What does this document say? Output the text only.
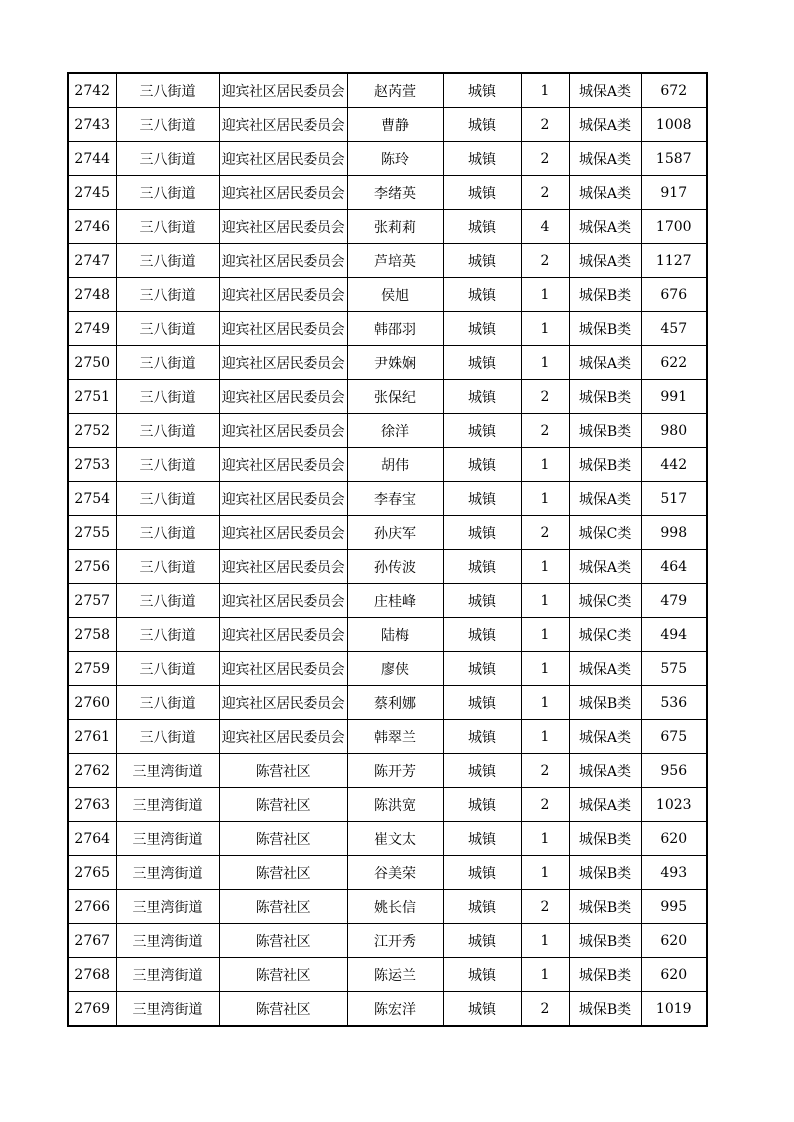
2742	三八街道	迎宾社区居民委员会	赵芮萱	城镇	1	城保A类	672
2743	三八街道	迎宾社区居民委员会	曹静	城镇	2	城保A类	1008
2744	三八街道	迎宾社区居民委员会	陈玲	城镇	2	城保A类	1587
2745	三八街道	迎宾社区居民委员会	李绪英	城镇	2	城保A类	917
2746	三八街道	迎宾社区居民委员会	张莉莉	城镇	4	城保A类	1700
2747	三八街道	迎宾社区居民委员会	芦培英	城镇	2	城保A类	1127
2748	三八街道	迎宾社区居民委员会	侯旭	城镇	1	城保B类	676
2749	三八街道	迎宾社区居民委员会	韩邵羽	城镇	1	城保B类	457
2750	三八街道	迎宾社区居民委员会	尹姝娴	城镇	1	城保A类	622
2751	三八街道	迎宾社区居民委员会	张保纪	城镇	2	城保B类	991
2752	三八街道	迎宾社区居民委员会	徐洋	城镇	2	城保B类	980
2753	三八街道	迎宾社区居民委员会	胡伟	城镇	1	城保B类	442
2754	三八街道	迎宾社区居民委员会	李春宝	城镇	1	城保A类	517
2755	三八街道	迎宾社区居民委员会	孙庆军	城镇	2	城保C类	998
2756	三八街道	迎宾社区居民委员会	孙传波	城镇	1	城保A类	464
2757	三八街道	迎宾社区居民委员会	庄桂峰	城镇	1	城保C类	479
2758	三八街道	迎宾社区居民委员会	陆梅	城镇	1	城保C类	494
2759	三八街道	迎宾社区居民委员会	廖侠	城镇	1	城保A类	575
2760	三八街道	迎宾社区居民委员会	蔡利娜	城镇	1	城保B类	536
2761	三八街道	迎宾社区居民委员会	韩翠兰	城镇	1	城保A类	675
2762	三里湾街道	陈营社区	陈开芳	城镇	2	城保A类	956
2763	三里湾街道	陈营社区	陈洪宽	城镇	2	城保A类	1023
2764	三里湾街道	陈营社区	崔文太	城镇	1	城保B类	620
2765	三里湾街道	陈营社区	谷美荣	城镇	1	城保B类	493
2766	三里湾街道	陈营社区	姚长信	城镇	2	城保B类	995
2767	三里湾街道	陈营社区	江开秀	城镇	1	城保B类	620
2768	三里湾街道	陈营社区	陈运兰	城镇	1	城保B类	620
2769	三里湾街道	陈营社区	陈宏洋	城镇	2	城保B类	1019
